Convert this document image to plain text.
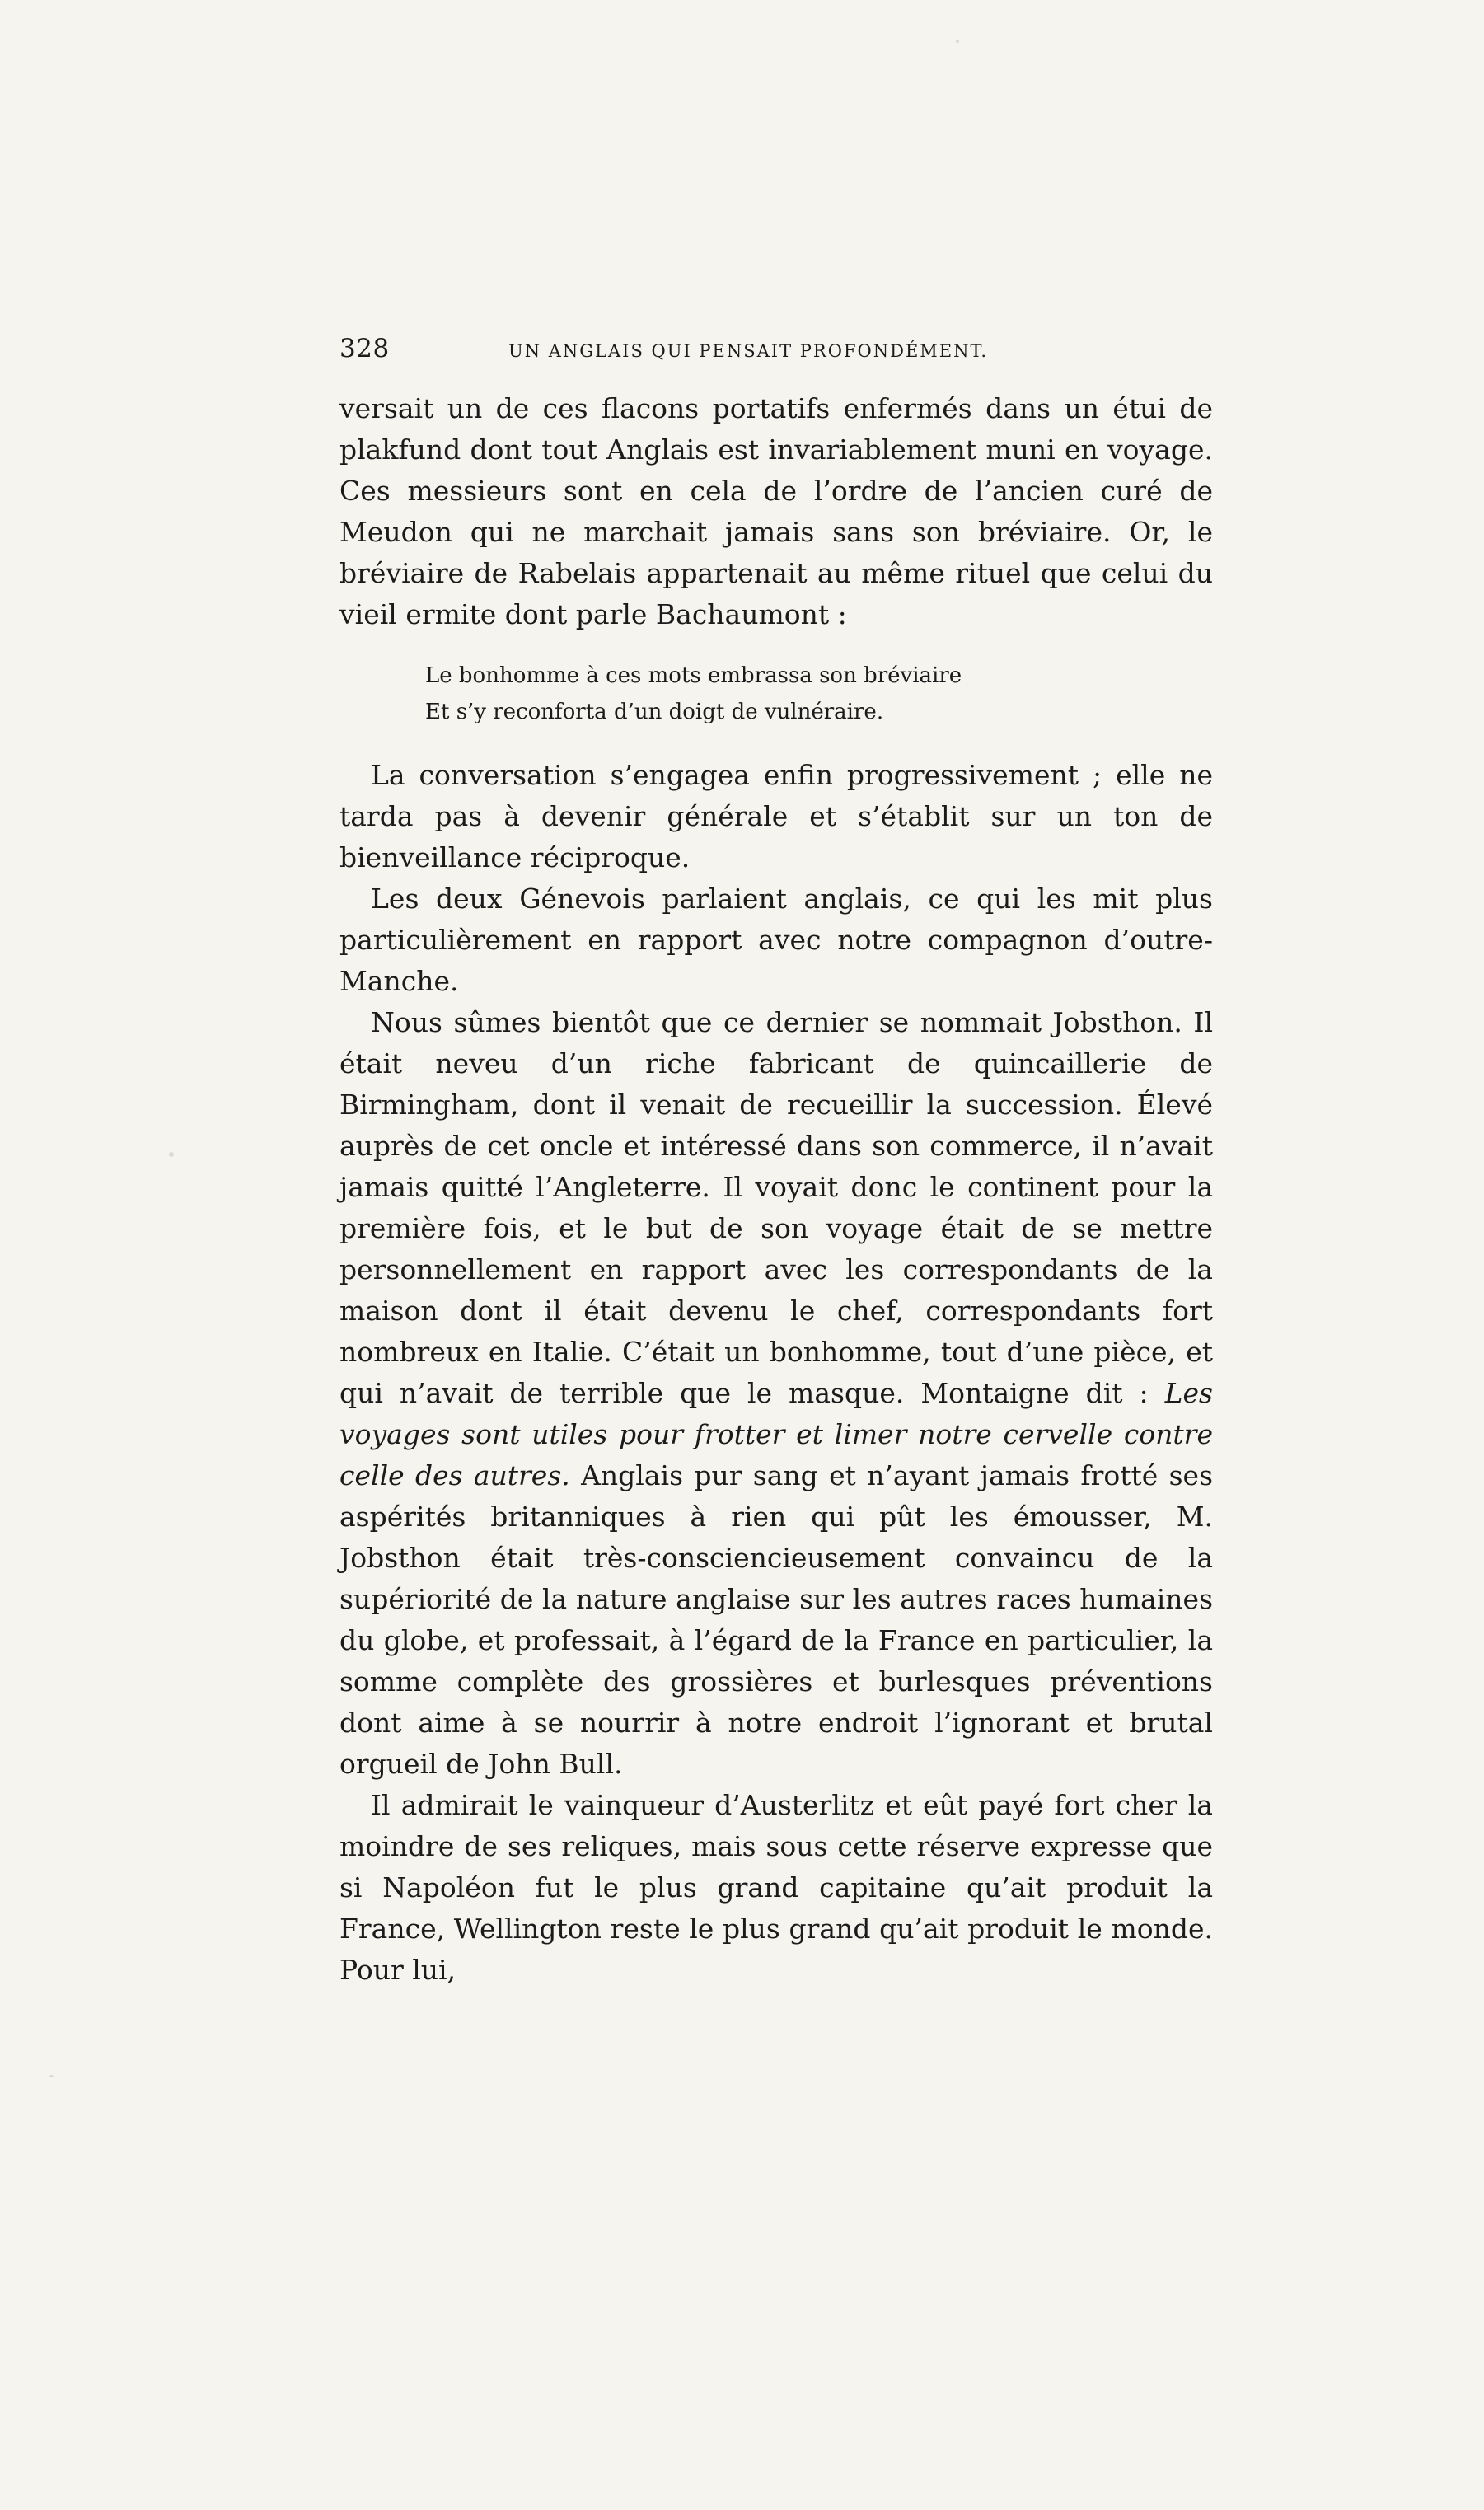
328	UN ANGLAIS QUI PENSAIT PROFONDÉMENT.

versait un de ces flacons portatifs enfermés dans un étui de plakfund dont tout Anglais est invariablement muni en voyage. Ces messieurs sont en cela de l’ordre de l’ancien curé de Meudon qui ne marchait jamais sans son bréviaire. Or, le bréviaire de Rabelais appartenait au même rituel que celui du vieil ermite dont parle Bachaumont :

Le bonhomme à ces mots embrassa son bréviaire
Et s’y reconforta d’un doigt de vulnéraire.

La conversation s’engagea enfin progressivement ; elle ne tarda pas à devenir générale et s’établit sur un ton de bienveillance réciproque.

Les deux Génevois parlaient anglais, ce qui les mit plus particulièrement en rapport avec notre compagnon d’outre-Manche.

Nous sûmes bientôt que ce dernier se nommait Jobsthon. Il était neveu d’un riche fabricant de quincaillerie de Birmingham, dont il venait de recueillir la succession. Élevé auprès de cet oncle et intéressé dans son commerce, il n’avait jamais quitté l’Angleterre. Il voyait donc le continent pour la première fois, et le but de son voyage était de se mettre personnellement en rapport avec les correspondants de la maison dont il était devenu le chef, correspondants fort nombreux en Italie. C’était un bonhomme, tout d’une pièce, et qui n’avait de terrible que le masque. Montaigne dit : Les voyages sont utiles pour frotter et limer notre cervelle contre celle des autres. Anglais pur sang et n’ayant jamais frotté ses aspérités britanniques à rien qui pût les émousser, M. Jobsthon était très-consciencieusement convaincu de la supériorité de la nature anglaise sur les autres races humaines du globe, et professait, à l’égard de la France en particulier, la somme complète des grossières et burlesques préventions dont aime à se nourrir à notre endroit l’ignorant et brutal orgueil de John Bull.

Il admirait le vainqueur d’Austerlitz et eût payé fort cher la moindre de ses reliques, mais sous cette réserve expresse que si Napoléon fut le plus grand capitaine qu’ait produit la France, Wellington reste le plus grand qu’ait produit le monde. Pour lui,
